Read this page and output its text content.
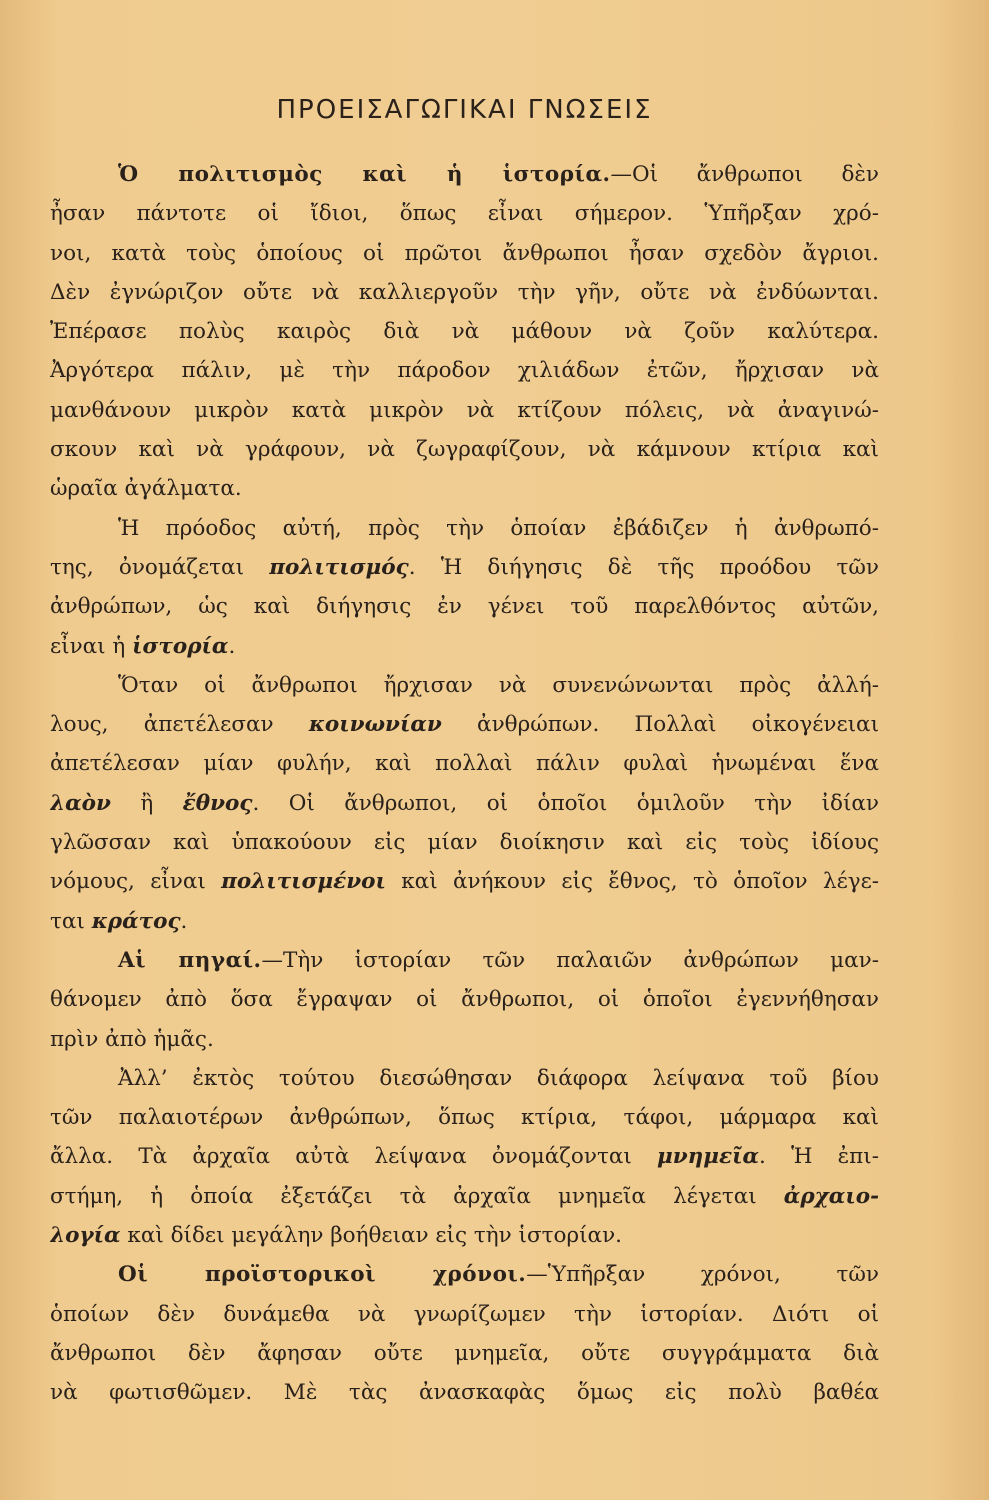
ΠΡΟΕΙΣΑΓΩΓΙΚΑΙ ΓΝΩΣΕΙΣ
Ὁ πολιτισμὸς καὶ ἡ ἱστορία.—Οἱ ἄνθρωποι δὲν
ἦσαν πάντοτε οἱ ἴδιοι, ὅπως εἶναι σήμερον. Ὑπῆρξαν χρό-
νοι, κατὰ τοὺς ὁποίους οἱ πρῶτοι ἄνθρωποι ἦσαν σχεδὸν ἄγριοι.
Δὲν ἐγνώριζον οὔτε νὰ καλλιεργοῦν τὴν γῆν, οὔτε νὰ ἐνδύωνται.
Ἐπέρασε πολὺς καιρὸς διὰ νὰ μάθουν νὰ ζοῦν καλύτερα.
Ἀργότερα πάλιν, μὲ τὴν πάροδον χιλιάδων ἐτῶν, ἤρχισαν νὰ
μανθάνουν μικρὸν κατὰ μικρὸν νὰ κτίζουν πόλεις, νὰ ἀναγινώ-
σκουν καὶ νὰ γράφουν, νὰ ζωγραφίζουν, νὰ κάμνουν κτίρια καὶ
ὡραῖα ἀγάλματα.
Ἡ πρόοδος αὐτή, πρὸς τὴν ὁποίαν ἐβάδιζεν ἡ ἀνθρωπό-
της, ὀνομάζεται πολιτισμός. Ἡ διήγησις δὲ τῆς προόδου τῶν
ἀνθρώπων, ὡς καὶ διήγησις ἐν γένει τοῦ παρελθόντος αὐτῶν,
εἶναι ἡ ἱστορία.
Ὅταν οἱ ἄνθρωποι ἤρχισαν νὰ συνενώνωνται πρὸς ἀλλή-
λους, ἀπετέλεσαν κοινωνίαν ἀνθρώπων. Πολλαὶ οἰκογένειαι
ἀπετέλεσαν μίαν φυλήν, καὶ πολλαὶ πάλιν φυλαὶ ἡνωμέναι ἕνα
λαὸν ἢ ἔθνος. Οἱ ἄνθρωποι, οἱ ὁποῖοι ὁμιλοῦν τὴν ἰδίαν
γλῶσσαν καὶ ὑπακούουν εἰς μίαν διοίκησιν καὶ εἰς τοὺς ἰδίους
νόμους, εἶναι πολιτισμένοι καὶ ἀνήκουν εἰς ἔθνος, τὸ ὁποῖον λέγε-
ται κράτος.
Αἱ πηγαί.—Τὴν ἱστορίαν τῶν παλαιῶν ἀνθρώπων μαν-
θάνομεν ἀπὸ ὅσα ἔγραψαν οἱ ἄνθρωποι, οἱ ὁποῖοι ἐγεννήθησαν
πρὶν ἀπὸ ἡμᾶς.
Ἀλλ’ ἐκτὸς τούτου διεσώθησαν διάφορα λείψανα τοῦ βίου
τῶν παλαιοτέρων ἀνθρώπων, ὅπως κτίρια, τάφοι, μάρμαρα καὶ
ἄλλα. Τὰ ἀρχαῖα αὐτὰ λείψανα ὀνομάζονται μνημεῖα. Ἡ ἐπι-
στήμη, ἡ ὁποία ἐξετάζει τὰ ἀρχαῖα μνημεῖα λέγεται ἀρχαιο-
λογία καὶ δίδει μεγάλην βοήθειαν εἰς τὴν ἱστορίαν.
Οἱ προϊστορικοὶ χρόνοι.—Ὑπῆρξαν χρόνοι, τῶν
ὁποίων δὲν δυνάμεθα νὰ γνωρίζωμεν τὴν ἱστορίαν. Διότι οἱ
ἄνθρωποι δὲν ἄφησαν οὔτε μνημεῖα, οὔτε συγγράμματα διὰ
νὰ φωτισθῶμεν. Μὲ τὰς ἀνασκαφὰς ὅμως εἰς πολὺ βαθέα
